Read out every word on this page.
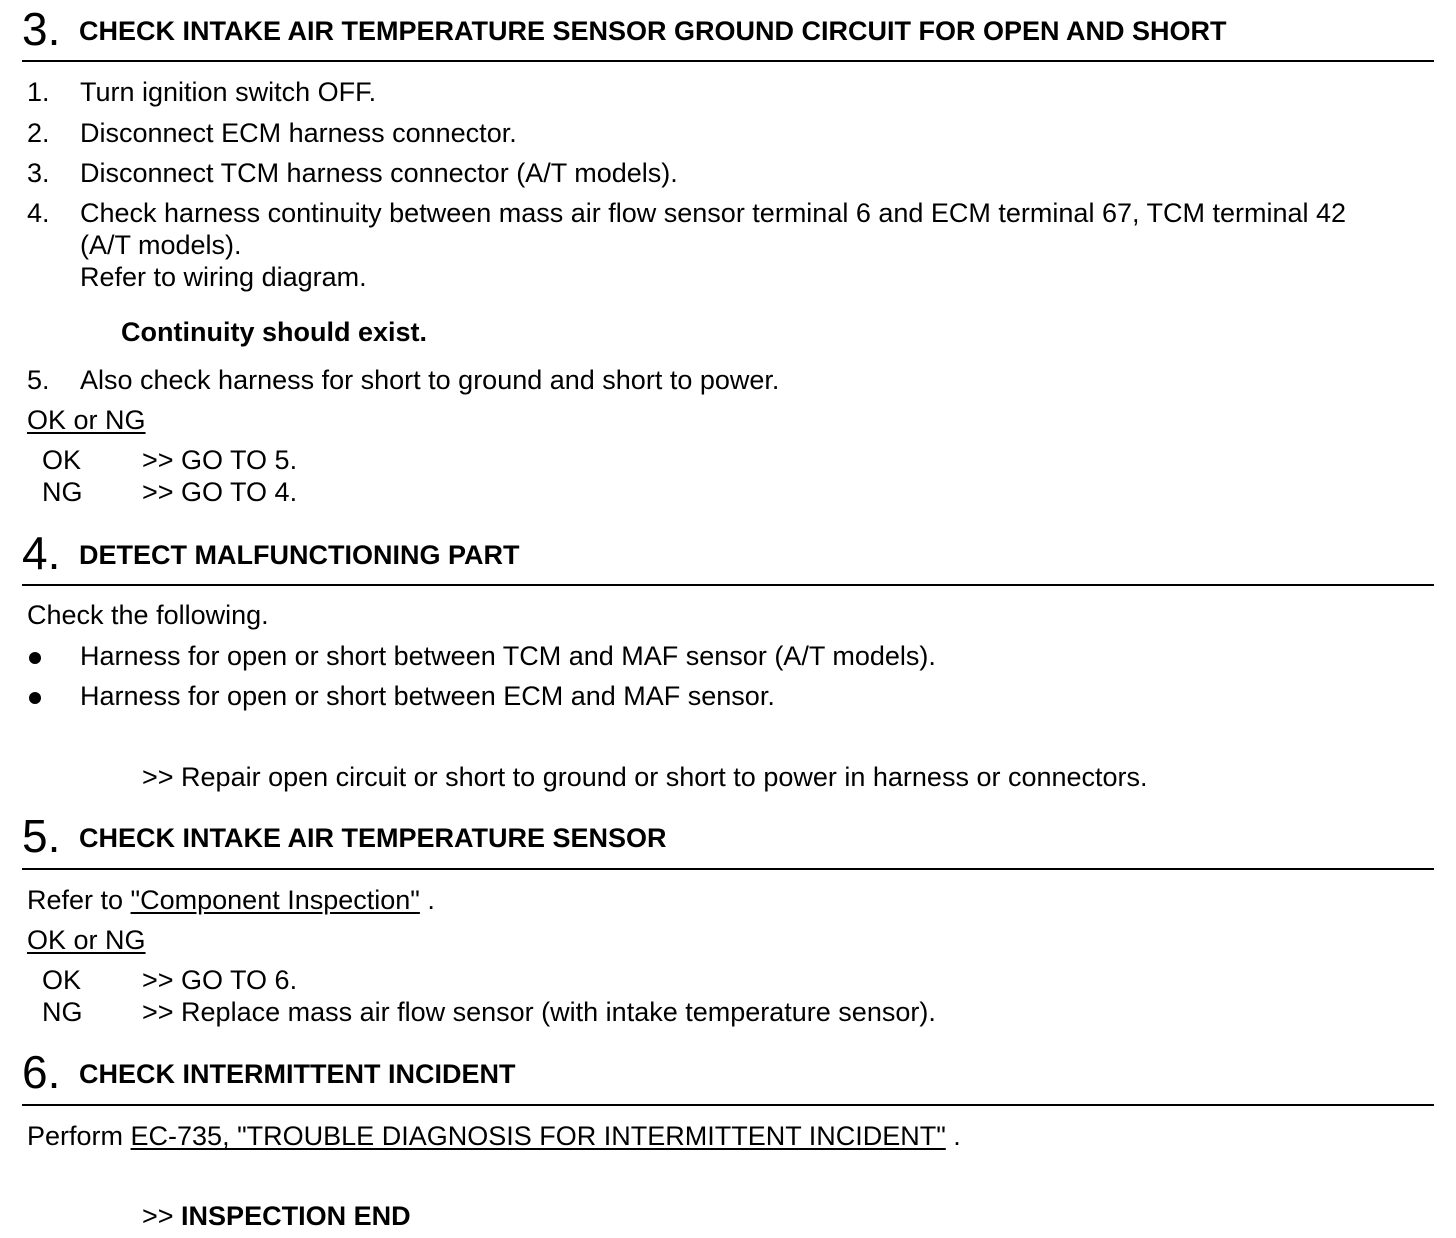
3. CHECK INTAKE AIR TEMPERATURE SENSOR GROUND CIRCUIT FOR OPEN AND SHORT
1. Turn ignition switch OFF.
2. Disconnect ECM harness connector.
3. Disconnect TCM harness connector (A/T models).
4. Check harness continuity between mass air flow sensor terminal 6 and ECM terminal 67, TCM terminal 42
(A/T models).
Refer to wiring diagram.
Continuity should exist.
5. Also check harness for short to ground and short to power.
OK or NG
OK >> GO TO 5.
NG >> GO TO 4.
4. DETECT MALFUNCTIONING PART
Check the following.
Harness for open or short between TCM and MAF sensor (A/T models).
Harness for open or short between ECM and MAF sensor.
>> Repair open circuit or short to ground or short to power in harness or connectors.
5. CHECK INTAKE AIR TEMPERATURE SENSOR
Refer to "Component Inspection" .
OK or NG
OK >> GO TO 6.
NG >> Replace mass air flow sensor (with intake temperature sensor).
6. CHECK INTERMITTENT INCIDENT
Perform EC-735, "TROUBLE DIAGNOSIS FOR INTERMITTENT INCIDENT" .
>> INSPECTION END
